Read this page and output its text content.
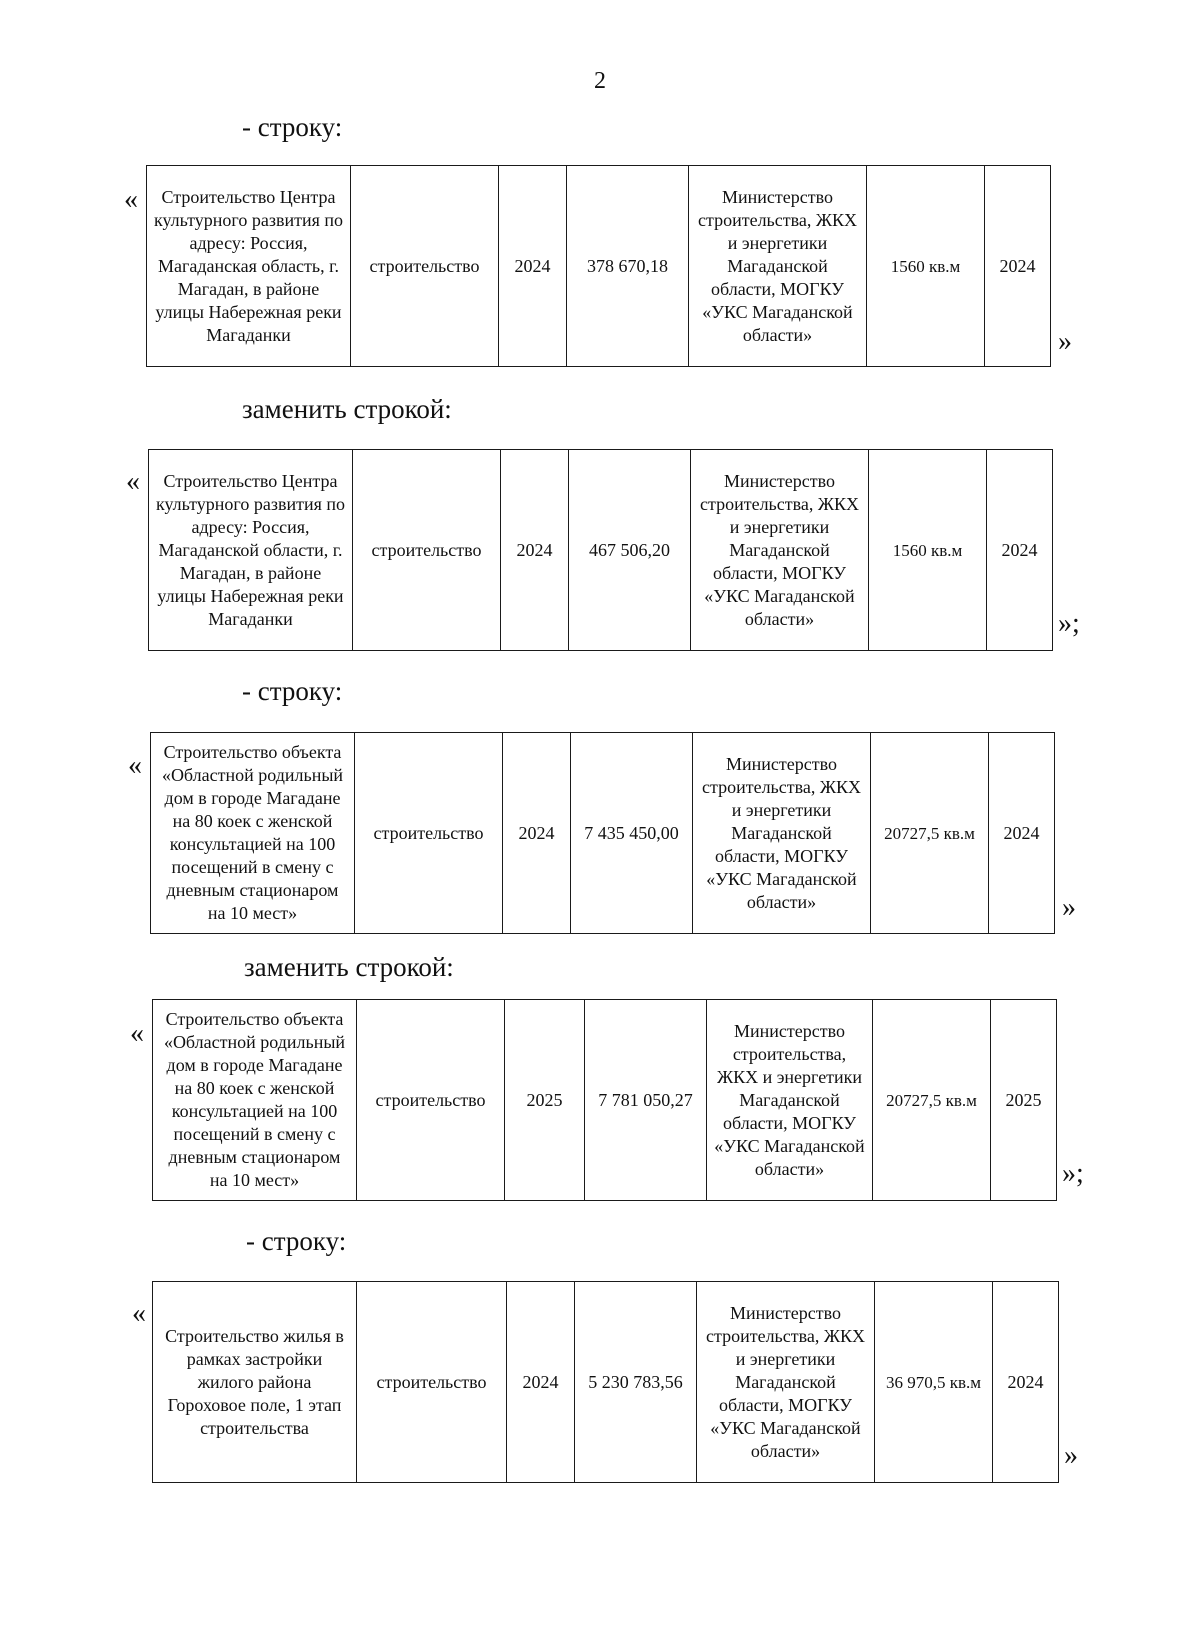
2
- строку:
« Строительство Центра культурного развития по адресу: Россия, Магаданская область, г. Магадан, в районе улицы Набережная реки Магаданки	строительство	2024	378 670,18	Министерство строительства, ЖКХ и энергетики Магаданской области, МОГКУ «УКС Магаданской области»	1560 кв.м	2024
»
заменить строкой:
« Строительство Центра культурного развития по адресу: Россия, Магаданской области, г. Магадан, в районе улицы Набережная реки Магаданки	строительство	2024	467 506,20	Министерство строительства, ЖКХ и энергетики Магаданской области, МОГКУ «УКС Магаданской области»	1560 кв.м	2024
»;
- строку:
« Строительство объекта «Областной родильный дом в городе Магадане на 80 коек с женской консультацией на 100 посещений в смену с дневным стационаром на 10 мест»	строительство	2024	7 435 450,00	Министерство строительства, ЖКХ и энергетики Магаданской области, МОГКУ «УКС Магаданской области»	20727,5 кв.м	2024
»
заменить строкой:
« Строительство объекта «Областной родильный дом в городе Магадане на 80 коек с женской консультацией на 100 посещений в смену с дневным стационаром на 10 мест»	строительство	2025	7 781 050,27	Министерство строительства, ЖКХ и энергетики Магаданской области, МОГКУ «УКС Магаданской области»	20727,5 кв.м	2025
»;
- строку:
«
Строительство жилья в рамках застройки жилого района Гороховое поле, 1 этап строительства	строительство	2024	5 230 783,56	Министерство строительства, ЖКХ и энергетики Магаданской области, МОГКУ «УКС Магаданской области»	36 970,5 кв.м	2024
»
